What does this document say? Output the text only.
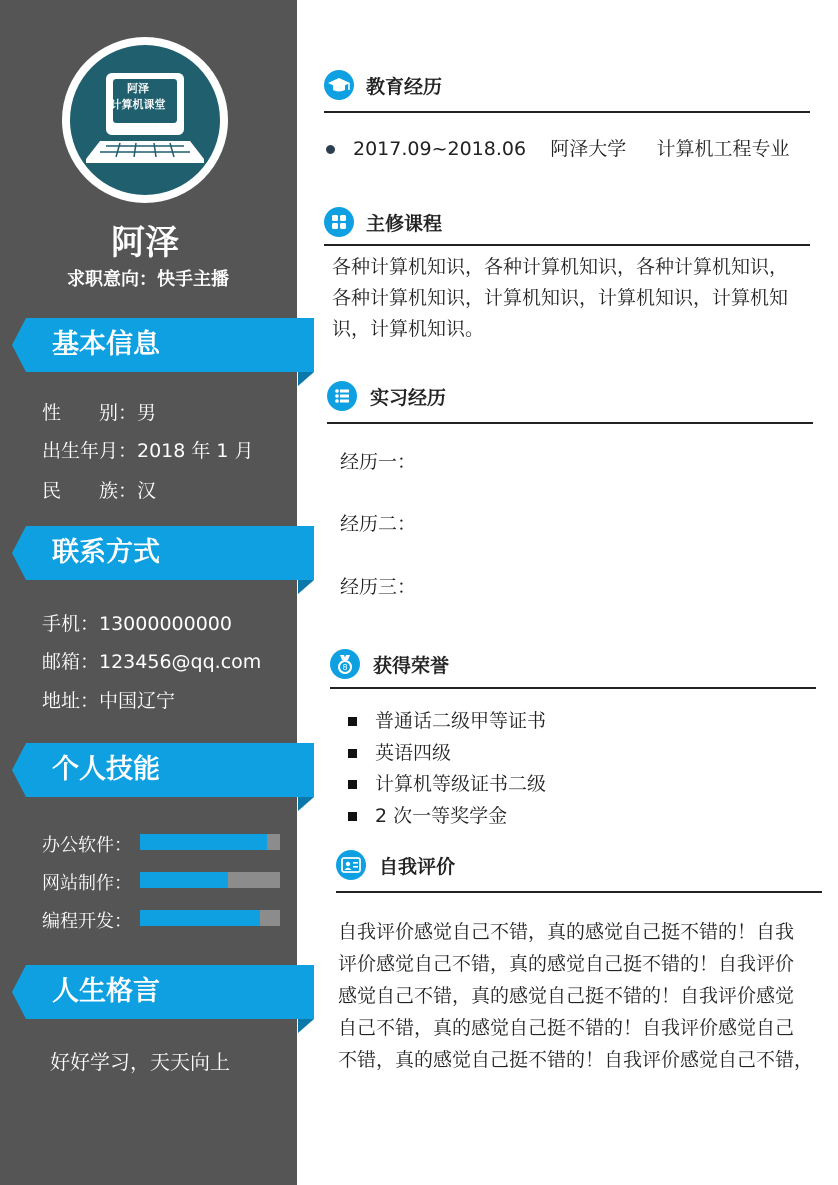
阿泽
计算机课堂
阿泽
求职意向：快手主播
基本信息
性　　别：男
出生年月：2018 年 1 月
民　　族：汉
联系方式
手机：13000000000
邮箱：123456@qq.com
地址：中国辽宁
个人技能
办公软件：
网站制作：
编程开发：
人生格言
好好学习，天天向上
教育经历
2017.09~2018.06 阿泽大学 计算机工程专业
主修课程
各种计算机知识，各种计算机知识，各种计算机知识，
各种计算机知识，计算机知识，计算机知识，计算机知
识，计算机知识。
实习经历
经历一：
经历二：
经历三：
8 获得荣誉
普通话二级甲等证书
英语四级
计算机等级证书二级
2 次一等奖学金
自我评价
自我评价感觉自己不错，真的感觉自己挺不错的！自我
评价感觉自己不错，真的感觉自己挺不错的！自我评价
感觉自己不错，真的感觉自己挺不错的！自我评价感觉
自己不错，真的感觉自己挺不错的！自我评价感觉自己
不错，真的感觉自己挺不错的！自我评价感觉自己不错，
